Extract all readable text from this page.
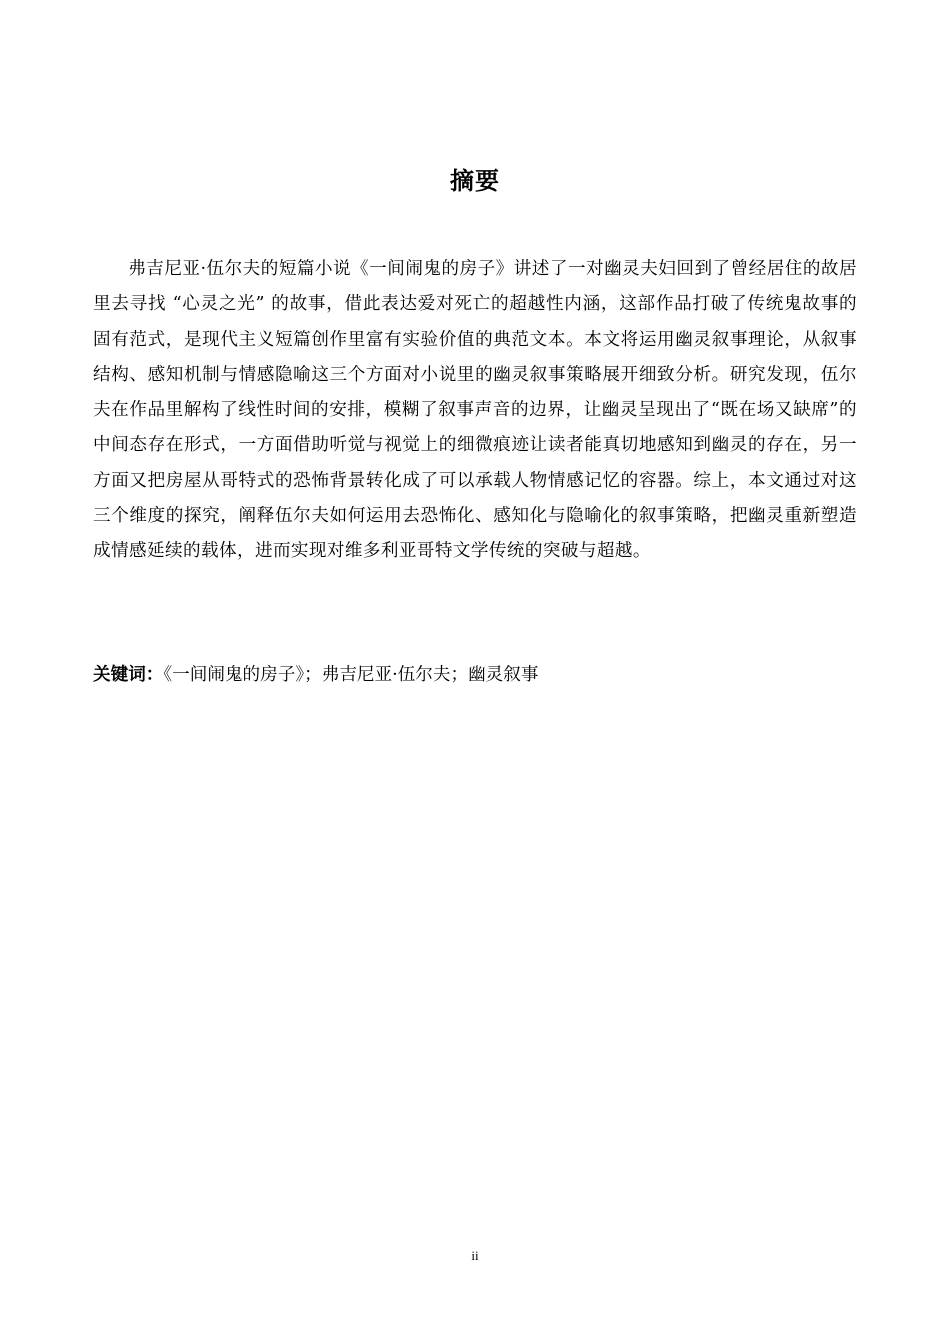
摘要

弗吉尼亚·伍尔夫的短篇小说《一间闹鬼的房子》讲述了一对幽灵夫妇回到了曾经居住的故居里去寻找 “心灵之光” 的故事，借此表达爱对死亡的超越性内涵，这部作品打破了传统鬼故事的固有范式，是现代主义短篇创作里富有实验价值的典范文本。本文将运用幽灵叙事理论，从叙事结构、感知机制与情感隐喻这三个方面对小说里的幽灵叙事策略展开细致分析。研究发现，伍尔夫在作品里解构了线性时间的安排，模糊了叙事声音的边界，让幽灵呈现出了“既在场又缺席”的中间态存在形式，一方面借助听觉与视觉上的细微痕迹让读者能真切地感知到幽灵的存在，另一方面又把房屋从哥特式的恐怖背景转化成了可以承载人物情感记忆的容器。综上，本文通过对这三个维度的探究，阐释伍尔夫如何运用去恐怖化、感知化与隐喻化的叙事策略，把幽灵重新塑造成情感延续的载体，进而实现对维多利亚哥特文学传统的突破与超越。

关键词：《一间闹鬼的房子》；弗吉尼亚·伍尔夫；幽灵叙事
ii
